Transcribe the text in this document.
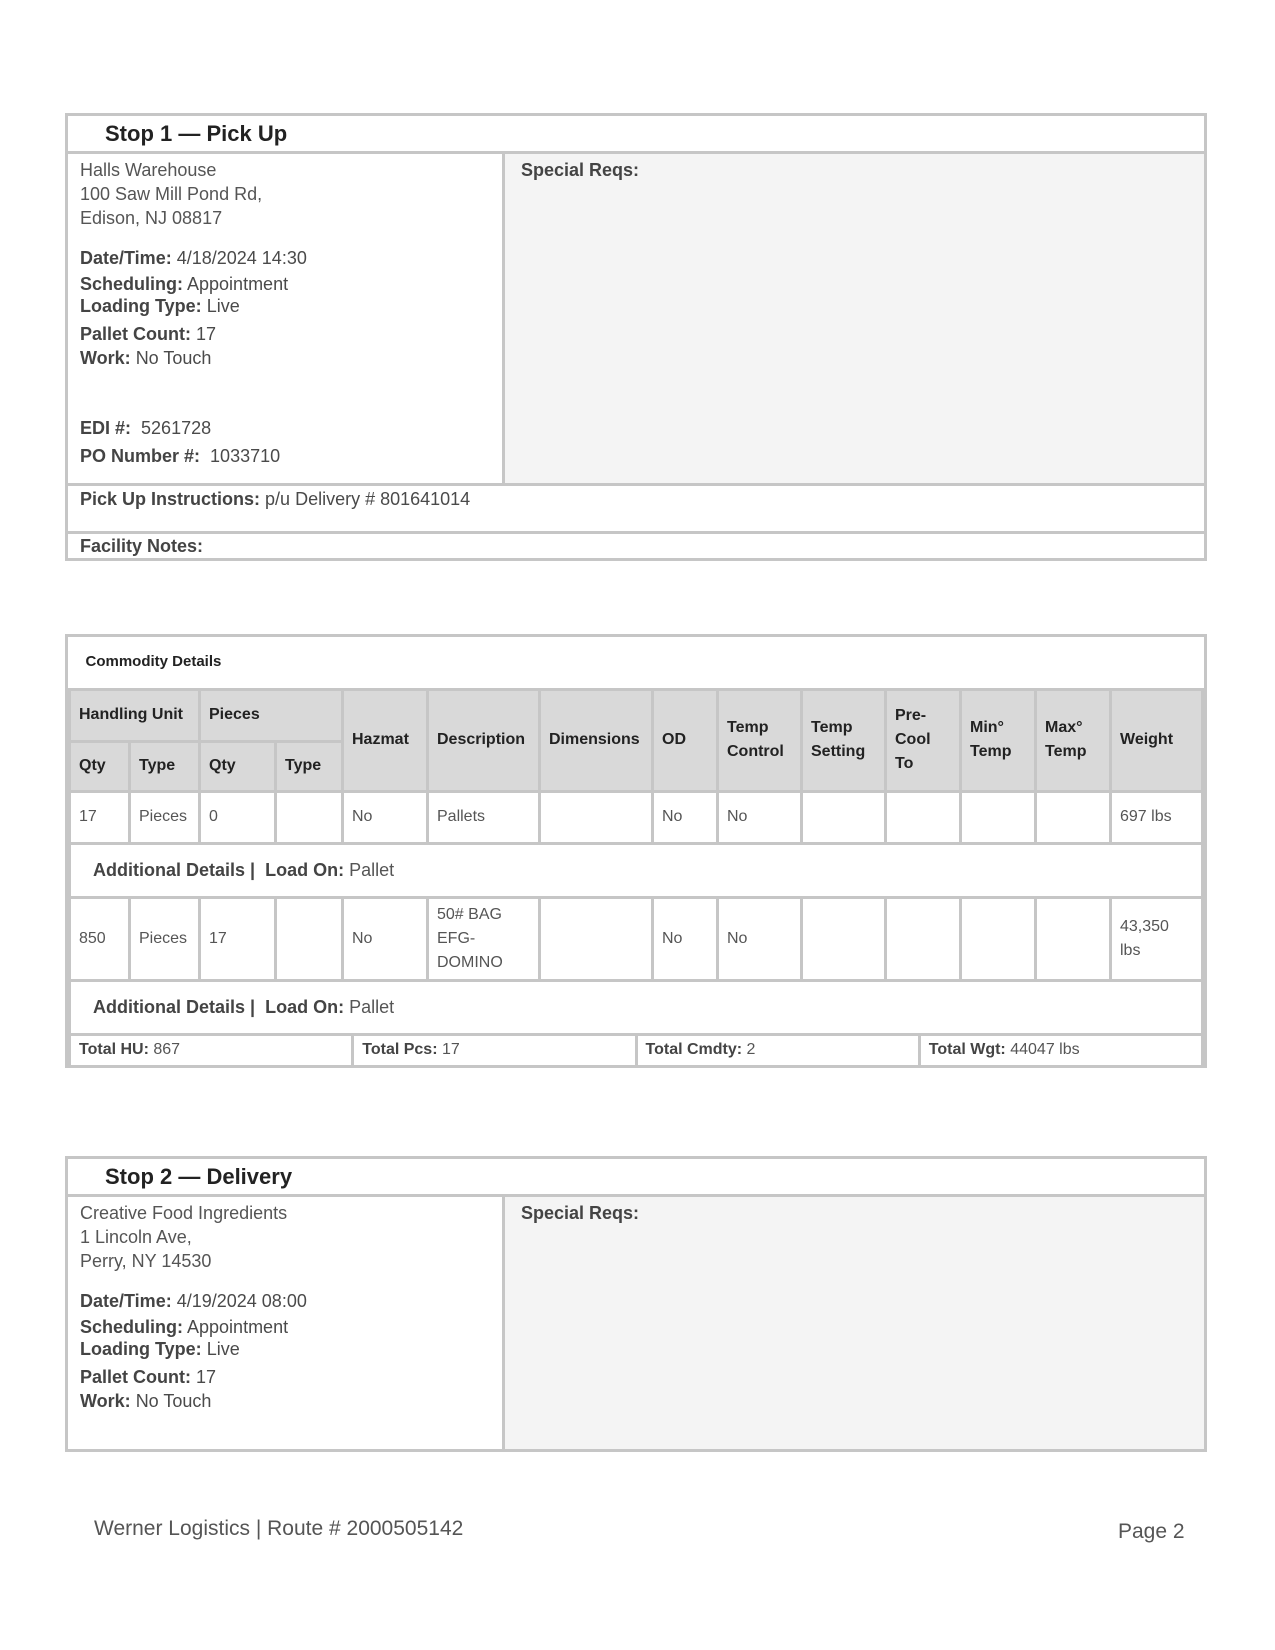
Stop 1 — Pick Up
Halls Warehouse
100 Saw Mill Pond Rd,
Edison, NJ 08817
Date/Time: 4/18/2024 14:30
Scheduling: Appointment
Loading Type: Live
Pallet Count: 17
Work: No Touch
EDI #: 5261728
PO Number #: 1033710
Special Reqs:
Pick Up Instructions: p/u Delivery # 801641014
Facility Notes:
Commodity Details													
Handling Unit		Pieces		Hazmat	Description	Dimensions	OD	Temp Control	Temp Setting	Pre-Cool To	Min° Temp	Max° Temp	Weight
Qty	Type	Qty	Type										
17	Pieces	0		No	Pallets		No	No					697 lbs
Additional Details | Load On: Pallet													
850	Pieces	17		No	50# BAG EFG-DOMINO		No	No					43,350 lbs
Additional Details | Load On: Pallet													
Total HU: 867	Total Pcs: 17	Total Cmdty: 2	Total Wgt: 44047 lbs
Stop 2 — Delivery
Creative Food Ingredients
1 Lincoln Ave,
Perry, NY 14530
Date/Time: 4/19/2024 08:00
Scheduling: Appointment
Loading Type: Live
Pallet Count: 17
Work: No Touch
Special Reqs:
Werner Logistics | Route # 2000505142	Page 2
